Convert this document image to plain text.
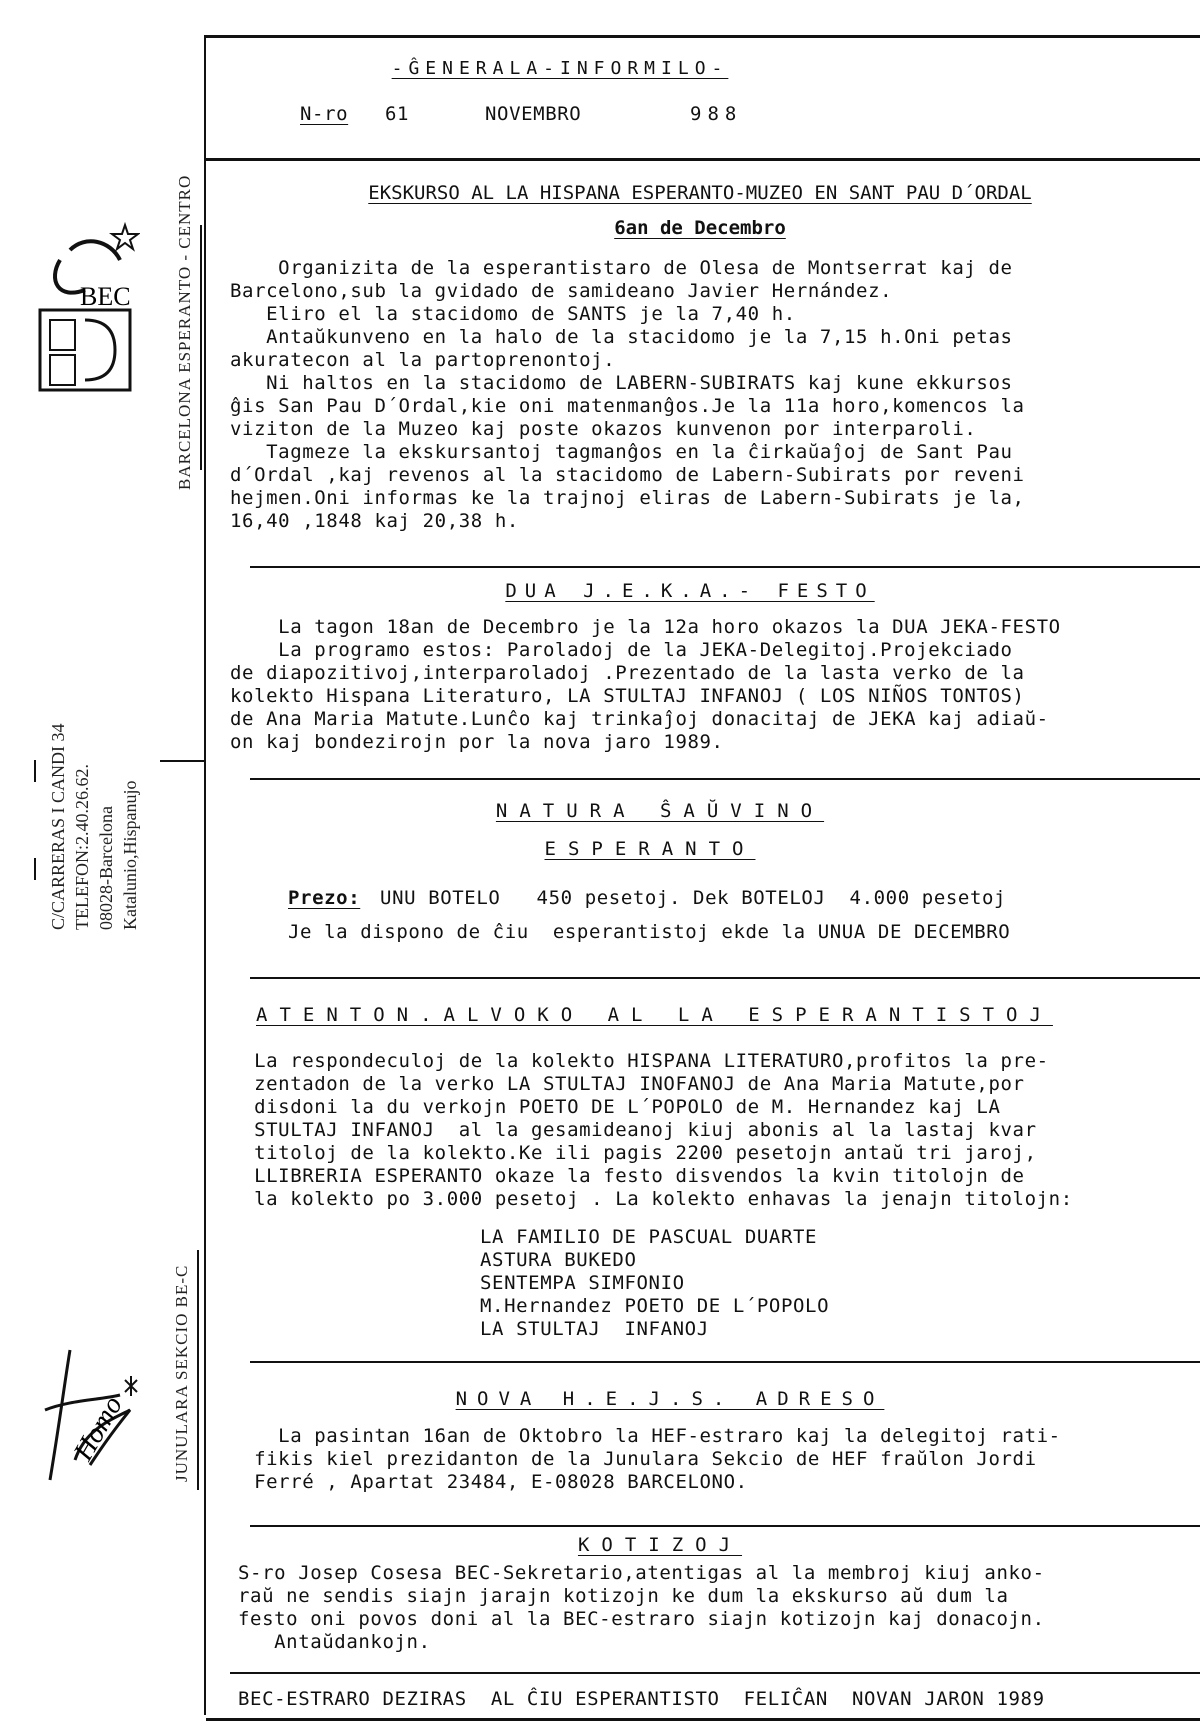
BARCELONA ESPERANTO - CENTRO
BEC
C/CARRERAS I CANDI 34 TELEFON:2.40.26.62. 08028-Barcelona Katalunio,Hispanujo
JUNULARA SEKCIO BE-C
Homo
-ĜENERALA-INFORMILO-
N-ro 61	NOVEMBRO	988
EKSKURSO AL LA HISPANA ESPERANTO-MUZEO EN SANT PAU D´ORDAL
6an de Decembro
Organizita de la esperantistaro de Olesa de Montserrat kaj de
Barcelono,sub la gvidado de samideano Javier Hernández.
Eliro el la stacidomo de SANTS je la 7,40 h.
Antaŭkunveno en la halo de la stacidomo je la 7,15 h.Oni petas
akuratecon al la partoprenontoj.
Ni haltos en la stacidomo de LABERN-SUBIRATS kaj kune ekkursos
ĝis San Pau D´Ordal,kie oni matenmanĝos.Je la 11a horo,komencos la
viziton de la Muzeo kaj poste okazos kunvenon por interparoli.
Tagmeze la ekskursantoj tagmanĝos en la ĉirkaŭaĵoj de Sant Pau
d´Ordal ,kaj revenos al la stacidomo de Labern-Subirats por reveni
hejmen.Oni informas ke la trajnoj eliras de Labern-Subirats je la,
16,40 ,1848 kaj 20,38 h.
DUA J.E.K.A.- FESTO
La tagon 18an de Decembro je la 12a horo okazos la DUA JEKA-FESTO
La programo estos: Paroladoj de la JEKA-Delegitoj.Projekciado
de diapozitivoj,interparoladoj .Prezentado de la lasta verko de la
kolekto Hispana Literaturo, LA STULTAJ INFANOJ ( LOS NIÑOS TONTOS)
de Ana Maria Matute.Lunĉo kaj trinkaĵoj donacitaj de JEKA kaj adiaŭ-
on kaj bondezirojn por la nova jaro 1989.
NATURA ŜAŬVINO
ESPERANTO
Prezo: UNU BOTELO   450 pesetoj. Dek BOTELOJ  4.000 pesetoj
Je la dispono de ĉiu  esperantistoj ekde la UNUA DE DECEMBRO
ATENTON.ALVOKO AL LA ESPERANTISTOJ
La respondeculoj de la kolekto HISPANA LITERATURO,profitos la pre-
zentadon de la verko LA STULTAJ INOFANOJ de Ana Maria Matute,por
disdoni la du verkojn POETO DE L´POPOLO de M. Hernandez kaj LA
STULTAJ INFANOJ  al la gesamideanoj kiuj abonis al la lastaj kvar
titoloj de la kolekto.Ke ili pagis 2200 pesetojn antaŭ tri jaroj,
LLIBRERIA ESPERANTO okaze la festo disvendos la kvin titolojn de
la kolekto po 3.000 pesetoj . La kolekto enhavas la jenajn titolojn:
LA FAMILIO DE PASCUAL DUARTE
ASTURA BUKEDO
SENTEMPA SIMFONIO
M.Hernandez POETO DE L´POPOLO
LA STULTAJ  INFANOJ
NOVA H.E.J.S. ADRESO
La pasintan 16an de Oktobro la HEF-estraro kaj la delegitoj rati-
fikis kiel prezidanton de la Junulara Sekcio de HEF fraŭlon Jordi
Ferré , Apartat 23484, E-08028 BARCELONO.
KOTIZOJ
S-ro Josep Cosesa BEC-Sekretario,atentigas al la membroj kiuj anko-
raŭ ne sendis siajn jarajn kotizojn ke dum la ekskurso aŭ dum la
festo oni povos doni al la BEC-estraro siajn kotizojn kaj donacojn.
Antaŭdankojn.
BEC-ESTRARO DEZIRAS  AL ĈIU ESPERANTISTO  FELIĈAN  NOVAN JARON 1989
